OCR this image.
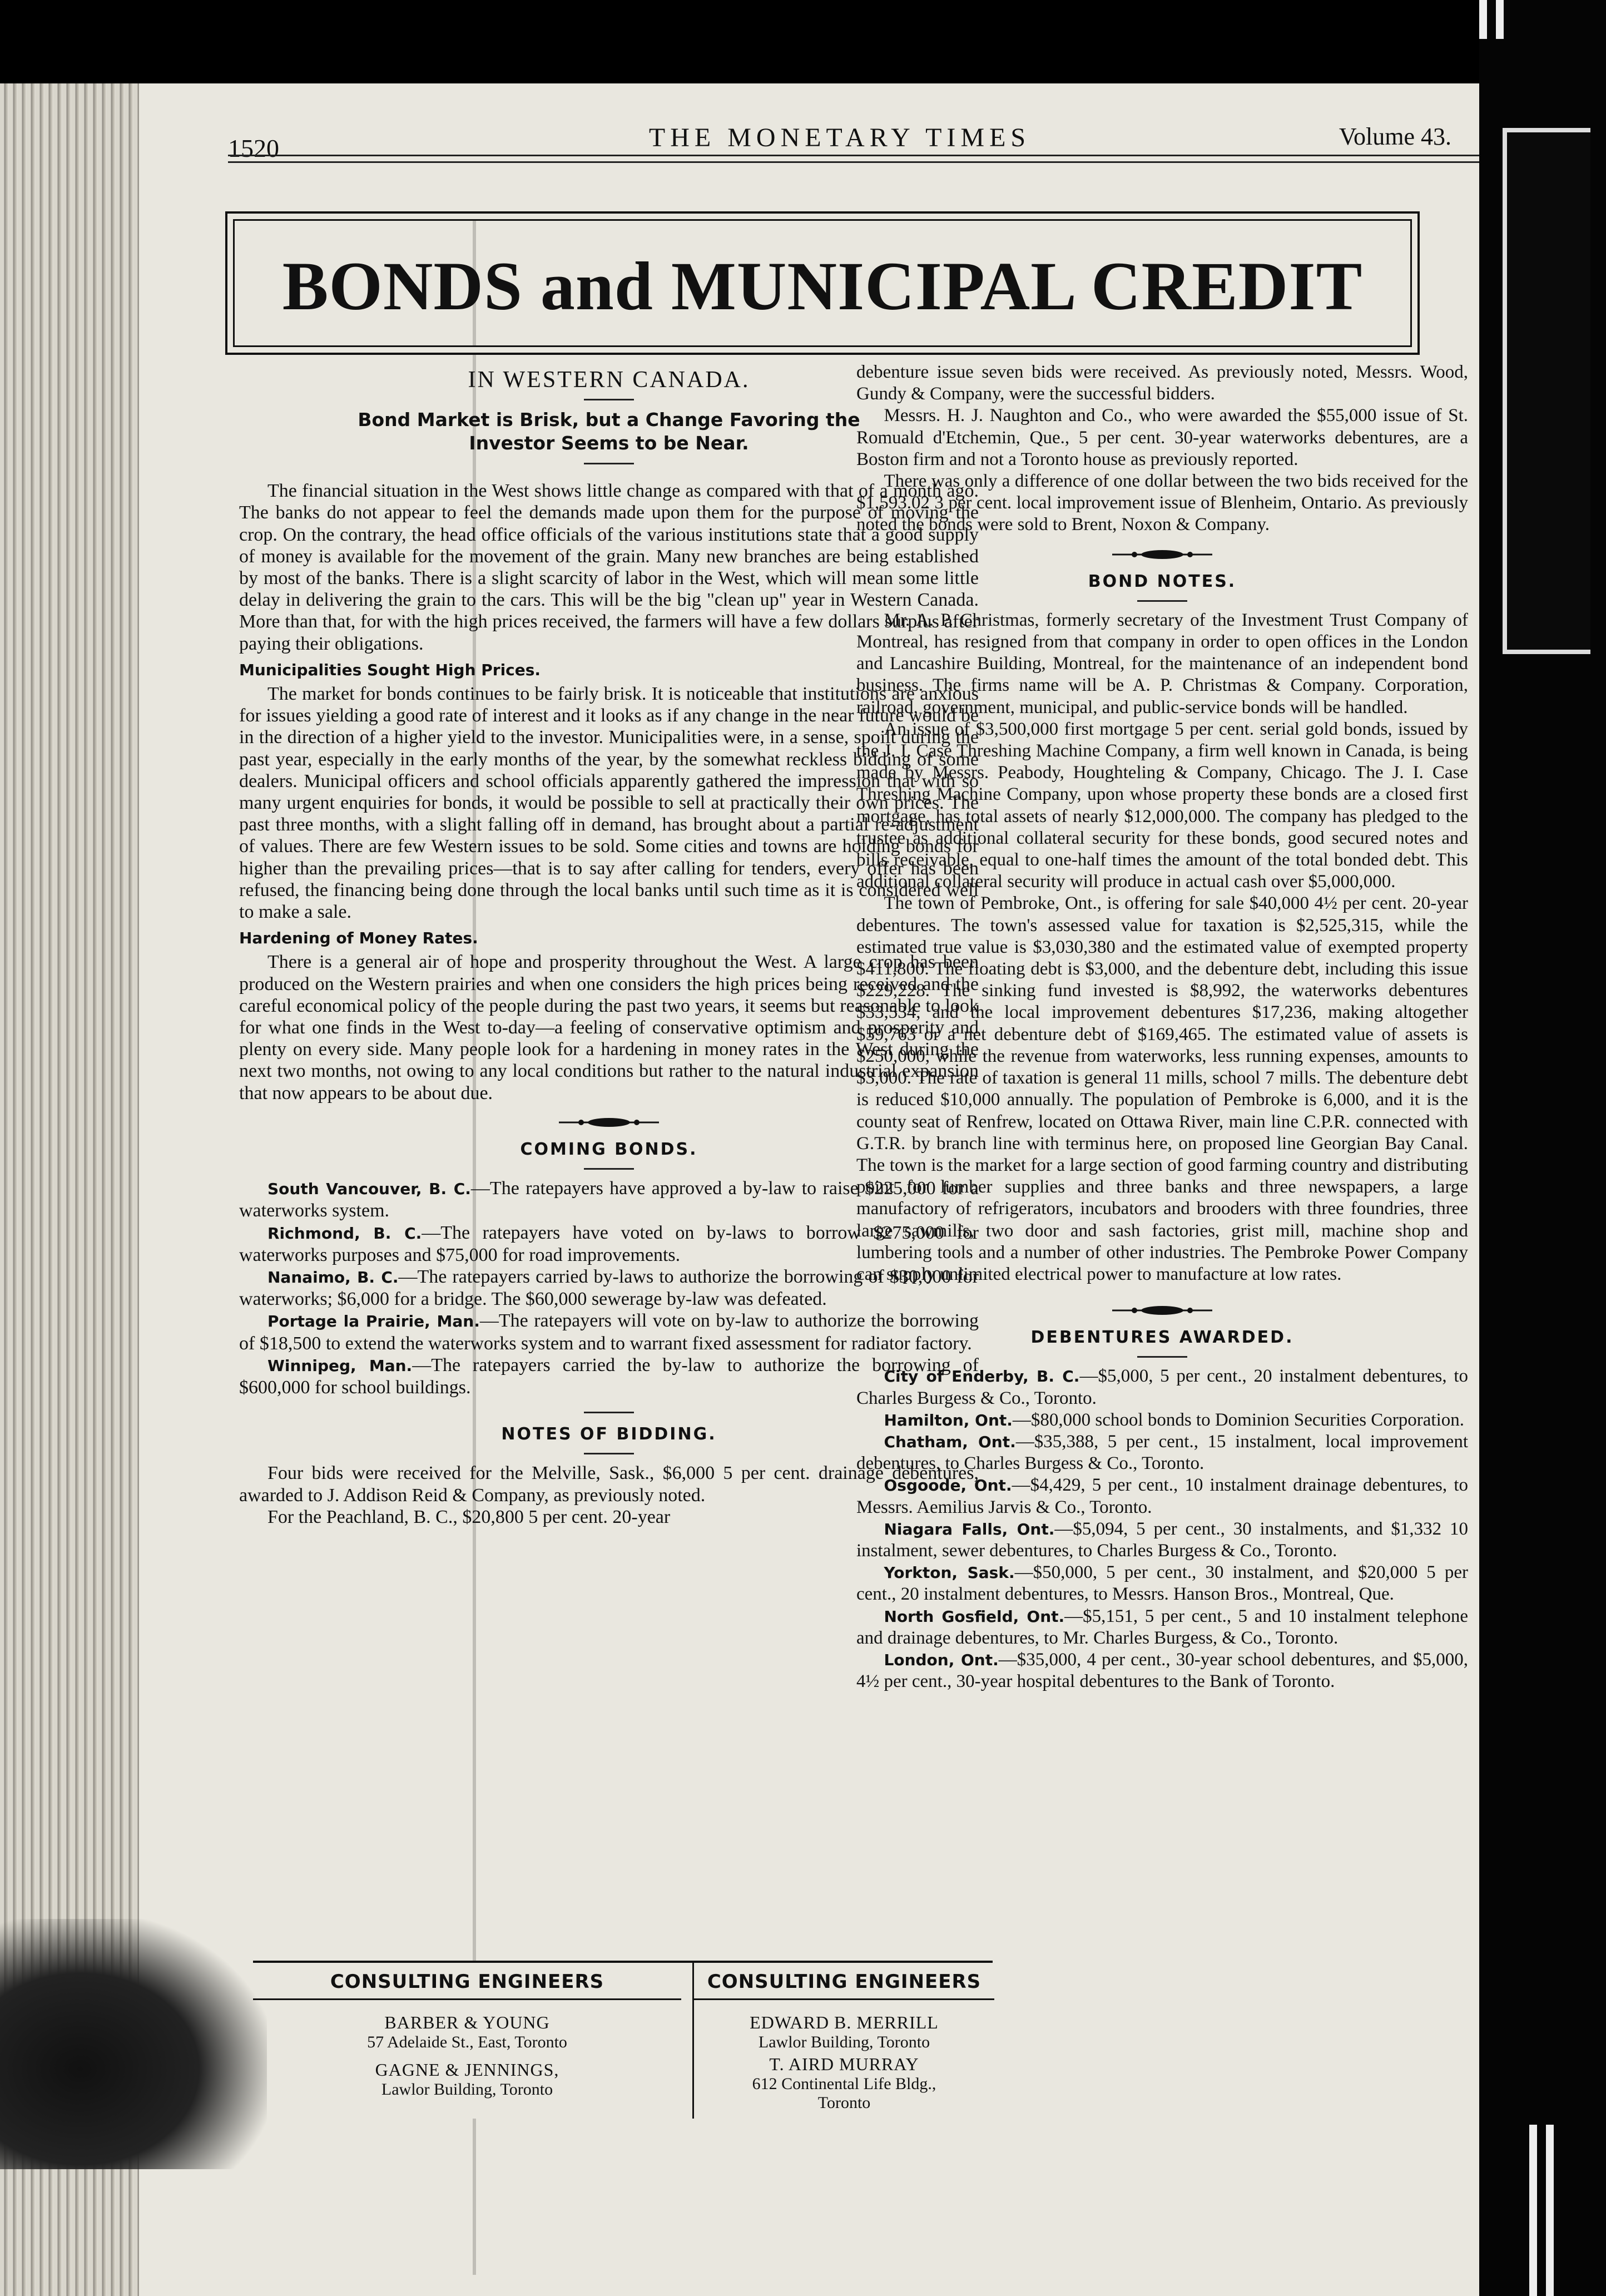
1520	THE MONETARY TIMES	Volume 43.
BONDS and MUNICIPAL CREDIT
IN WESTERN CANADA.
Bond Market is Brisk, but a Change Favoring the
Investor Seems to be Near.

The financial situation in the West shows little change as compared with that of a month ago. The banks do not appear to feel the demands made upon them for the purpose of moving the crop. On the contrary, the head office officials of the various institutions state that a good supply of money is available for the movement of the grain. Many new branches are being established by most of the banks. There is a slight scarcity of labor in the West, which will mean some little delay in delivering the grain to the cars. This will be the big "clean up" year in Western Canada. More than that, for with the high prices received, the farmers will have a few dollars surplus after paying their obligations.

Municipalities Sought High Prices.

The market for bonds continues to be fairly brisk. It is noticeable that institutions are anxious for issues yielding a good rate of interest and it looks as if any change in the near future would be in the direction of a higher yield to the investor. Municipalities were, in a sense, spoilt during the past year, especially in the early months of the year, by the somewhat reckless bidding of some dealers. Municipal officers and school officials apparently gathered the impression that with so many urgent enquiries for bonds, it would be possible to sell at practically their own prices. The past three months, with a slight falling off in demand, has brought about a partial re-adjustment of values. There are few Western issues to be sold. Some cities and towns are holding bonds for higher than the prevailing prices—that is to say after calling for tenders, every offer has been refused, the financing being done through the local banks until such time as it is considered well to make a sale.

Hardening of Money Rates.

There is a general air of hope and prosperity throughout the West. A large crop has been produced on the Western prairies and when one considers the high prices being received and the careful economical policy of the people during the past two years, it seems but reasonable to look for what one finds in the West to-day—a feeling of conservative optimism and prosperity and plenty on every side. Many people look for a hardening in money rates in the West during the next two months, not owing to any local conditions but rather to the natural industrial expansion that now appears to be about due.

COMING BONDS.

South Vancouver, B. C.—The ratepayers have approved a by-law to raise $225,000 for a waterworks system.

Richmond, B. C.—The ratepayers have voted on by-laws to borrow $275,000 for waterworks purposes and $75,000 for road improvements.

Nanaimo, B. C.—The ratepayers carried by-laws to authorize the borrowing of $30,000 for waterworks; $6,000 for a bridge. The $60,000 sewerage by-law was defeated.

Portage la Prairie, Man.—The ratepayers will vote on by-law to authorize the borrowing of $18,500 to extend the waterworks system and to warrant fixed assessment for radiator factory.

Winnipeg, Man.—The ratepayers carried the by-law to authorize the borrowing of $600,000 for school buildings.

NOTES OF BIDDING.

Four bids were received for the Melville, Sask., $6,000 5 per cent. drainage debentures, awarded to J. Addison Reid & Company, as previously noted.

For the Peachland, B. C., $20,800 5 per cent. 20-year

debenture issue seven bids were received. As previously noted, Messrs. Wood, Gundy & Company, were the successful bidders.

Messrs. H. J. Naughton and Co., who were awarded the $55,000 issue of St. Romuald d'Etchemin, Que., 5 per cent. 30-year waterworks debentures, are a Boston firm and not a Toronto house as previously reported.

There was only a difference of one dollar between the two bids received for the $1,593.02 3 per cent. local improvement issue of Blenheim, Ontario. As previously noted the bonds were sold to Brent, Noxon & Company.

BOND NOTES.

Mr. A. P. Christmas, formerly secretary of the Investment Trust Company of Montreal, has resigned from that company in order to open offices in the London and Lancashire Building, Montreal, for the maintenance of an independent bond business. The firms name will be A. P. Christmas & Company. Corporation, railroad, government, municipal, and public-service bonds will be handled.

An issue of $3,500,000 first mortgage 5 per cent. serial gold bonds, issued by the J. I. Case Threshing Machine Company, a firm well known in Canada, is being made by Messrs. Peabody, Houghteling & Company, Chicago. The J. I. Case Threshing Machine Company, upon whose property these bonds are a closed first mortgage, has total assets of nearly $12,000,000. The company has pledged to the trustee as additional collateral security for these bonds, good secured notes and bills receivable, equal to one-half times the amount of the total bonded debt. This additional collateral security will produce in actual cash over $5,000,000.

The town of Pembroke, Ont., is offering for sale $40,000 4½ per cent. 20-year debentures. The town's assessed value for taxation is $2,525,315, while the estimated true value is $3,030,380 and the estimated value of exempted property $411,800. The floating debt is $3,000, and the debenture debt, including this issue $229,228. The sinking fund invested is $8,992, the waterworks debentures $33,534, and the local improvement debentures $17,236, making altogether $59,763 or a net debenture debt of $169,465. The estimated value of assets is $250,000, while the revenue from waterworks, less running expenses, amounts to $3,000. The rate of taxation is general 11 mills, school 7 mills. The debenture debt is reduced $10,000 annually. The population of Pembroke is 6,000, and it is the county seat of Renfrew, located on Ottawa River, main line C.P.R. connected with G.T.R. by branch line with terminus here, on proposed line Georgian Bay Canal. The town is the market for a large section of good farming country and distributing point for lumber supplies and three banks and three newspapers, a large manufactory of refrigerators, incubators and brooders with three foundries, three large sawmills, two door and sash factories, grist mill, machine shop and lumbering tools and a number of other industries. The Pembroke Power Company can supply unlimited electrical power to manufacture at low rates.

DEBENTURES AWARDED.

City of Enderby, B. C.—$5,000, 5 per cent., 20 instalment debentures, to Charles Burgess & Co., Toronto.

Hamilton, Ont.—$80,000 school bonds to Dominion Securities Corporation.

Chatham, Ont.—$35,388, 5 per cent., 15 instalment, local improvement debentures, to Charles Burgess & Co., Toronto.

Osgoode, Ont.—$4,429, 5 per cent., 10 instalment drainage debentures, to Messrs. Aemilius Jarvis & Co., Toronto.

Niagara Falls, Ont.—$5,094, 5 per cent., 30 instalments, and $1,332 10 instalment, sewer debentures, to Charles Burgess & Co., Toronto.

Yorkton, Sask.—$50,000, 5 per cent., 30 instalment, and $20,000 5 per cent., 20 instalment debentures, to Messrs. Hanson Bros., Montreal, Que.

North Gosfield, Ont.—$5,151, 5 per cent., 5 and 10 instalment telephone and drainage debentures, to Mr. Charles Burgess, & Co., Toronto.

London, Ont.—$35,000, 4 per cent., 30-year school debentures, and $5,000, 4½ per cent., 30-year hospital debentures to the Bank of Toronto.

CONSULTING ENGINEERS
BARBER & YOUNG
57 Adelaide St., East, Toronto
GAGNE & JENNINGS,
Lawlor Building, Toronto
CONSULTING ENGINEERS
EDWARD B. MERRILL
Lawlor Building, Toronto
T. AIRD MURRAY
612 Continental Life Bldg.,
Toronto
